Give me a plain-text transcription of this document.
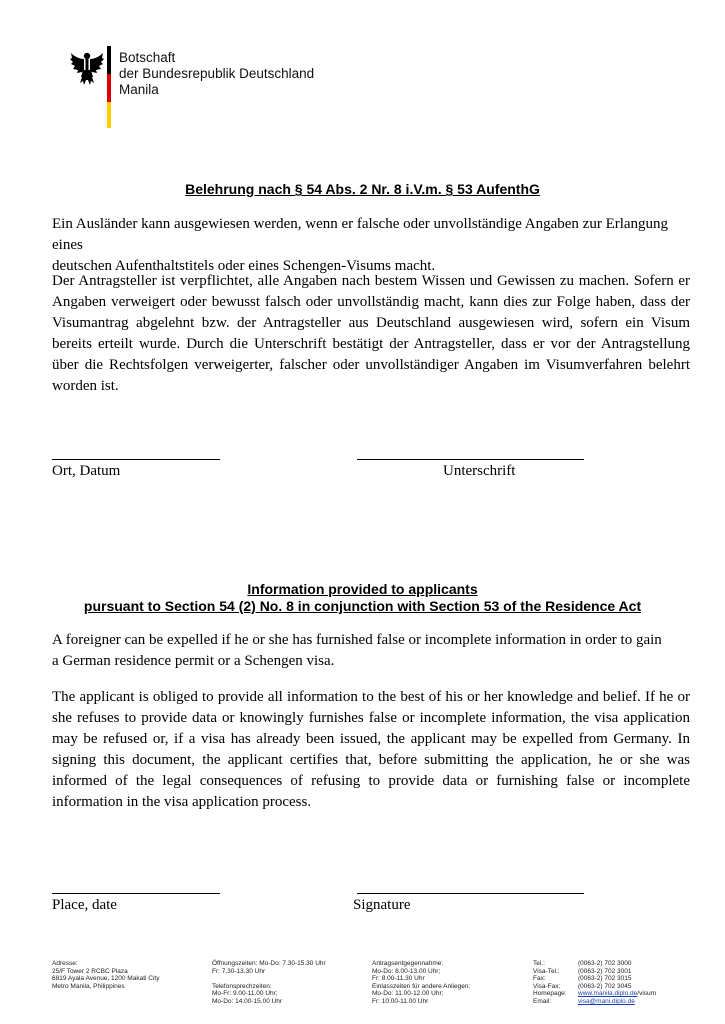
Botschaft
der Bundesrepublik Deutschland
Manila
Belehrung nach § 54 Abs. 2 Nr. 8 i.V.m. § 53 AufenthG
Ein Ausländer kann ausgewiesen werden, wenn er falsche oder unvollständige Angaben zur Erlangung eines
deutschen Aufenthaltstitels oder eines Schengen-Visums macht.
Der Antragsteller ist verpflichtet, alle Angaben nach bestem Wissen und Gewissen zu machen. Sofern er Angaben verweigert oder bewusst falsch oder unvollständig macht, kann dies zur Folge haben, dass der Visumantrag abgelehnt bzw. der Antragsteller aus Deutschland ausgewiesen wird, sofern ein Visum bereits erteilt wurde. Durch die Unterschrift bestätigt der Antragsteller, dass er vor der Antragstellung über die Rechtsfolgen verweigerter, falscher oder unvollständiger Angaben im Visumverfahren belehrt worden ist.
Ort, Datum	Unterschrift
Information provided to applicants
pursuant to Section 54 (2) No. 8 in conjunction with Section 53 of the Residence Act
A foreigner can be expelled if he or she has furnished false or incomplete information in order to gain
a German residence permit or a Schengen visa.
The applicant is obliged to provide all information to the best of his or her knowledge and belief. If he or she refuses to provide data or knowingly furnishes false or incomplete information, the visa application may be refused or, if a visa has already been issued, the applicant may be expelled from Germany. In signing this document, the applicant certifies that, before submitting the application, he or she was informed of the legal consequences of refusing to provide data or furnishing false or incomplete information in the visa application process.
Place, date	Signature
Adresse:
25/F Tower 2 RCBC Plaza
6819 Ayala Avenue, 1200 Makati City
Metro Manila, Philippines
Öffnungszeiten: Mo-Do: 7.30-15.30 Uhr
Fr: 7.30-13.30 Uhr

Telefonsprechzeiten:
Mo-Fr: 9.00-11.00 Uhr;
Mo-Do: 14.00-15.00 Uhr
Antragsentgegennahme:
Mo-Do: 8.00-13.00 Uhr;
Fr: 8.00-11.30 Uhr
Einlasszeiten für andere Anliegen:
Mo-Do: 11.00-12.00 Uhr;
Fr: 10.00-11.00 Uhr
Tel.:	(0063-2) 702 3000
Visa-Tel.:	(0063-2) 702 3001
Fax:	(0063-2) 702 3015
Visa-Fax:	(0063-2) 702 3045
Homepage: www.manila.diplo.de/visum
Email:	visa@mani.diplo.de
